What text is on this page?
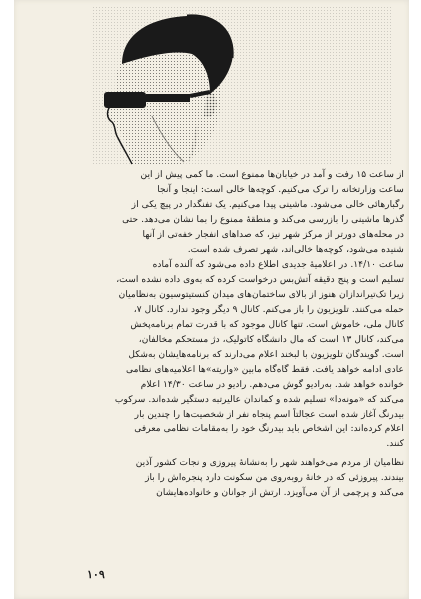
از ساعت ۱۵ رفت و آمد در خیابان‌ها ممنوع است. ما کمی پیش از این
ساعت وزارتخانه را ترک می‌کنیم. کوچه‌ها خالی است: اینجا و آنجا
رگبارهائی خالی می‌شود. ماشینی پیدا می‌کنیم. یک تفنگدار در پیچ یکی از
گذرها ماشینی را بازرسی می‌کند و منطقهٔ ممنوع را بما نشان می‌دهد. حتی
در محله‌های دورتر از مرکز شهر نیز، که صداهای انفجار خفه‌تی از آنها
شنیده می‌شود، کوچه‌ها خالی‌اند، شهر تصرف شده است.

ساعت ۱۴/۱۰. در اعلامیهٔ جدیدی اطلاع داده می‌شود که آلنده آماده
تسلیم است و پنج دقیقه آتش‌بس درخواست کرده که به‌وی داده نشده است،
زیرا تک‌تیراندازان هنوز از بالای ساختمان‌های میدان کنستیتوسیون به‌نظامیان
حمله می‌کنند. تلویزیون را باز می‌کنم. کانال ۹ دیگر وجود ندارد. کانال ۷،
کانال ملی، خاموش است. تنها کانال موجود که با قدرت تمام برنامه‌پخش
می‌کند، کانال ۱۳ است که مال دانشگاه کاتولیک، دژ مستحکم مخالفان،
است. گویندگان تلویزیون با لبخند اعلام می‌دارند که برنامه‌هایشان به‌شکل
عادی ادامه خواهد یافت. فقط گاه‌گاه مابین «واریته»ها اعلامیه‌های نظامی
خوانده خواهد شد. به‌رادیو گوش می‌دهم. رادیو در ساعت ۱۴/۳۰ اعلام
می‌کند که «مونه‌دا» تسلیم شده و کماندان عالیرتبه دستگیر شده‌اند. سرکوب
بیدرنگ آغاز شده است عجالتاً اسم پنجاه نفر از شخصیت‌ها را چندین بار
اعلام کرده‌اند: این اشخاص باید بیدرنگ خود را به‌مقامات نظامی معرفی
کنند.

نظامیان از مردم می‌خواهند شهر را به‌نشانهٔ پیروزی و نجات کشور آذین
بیندند. پیروزئی که در خانهٔ روبه‌روی من سکونت دارد پنجره‌اش را باز
می‌کند و پرچمی از آن می‌آویزد. ارتش از جوانان و خانواده‌هایشان

۱۰۹
